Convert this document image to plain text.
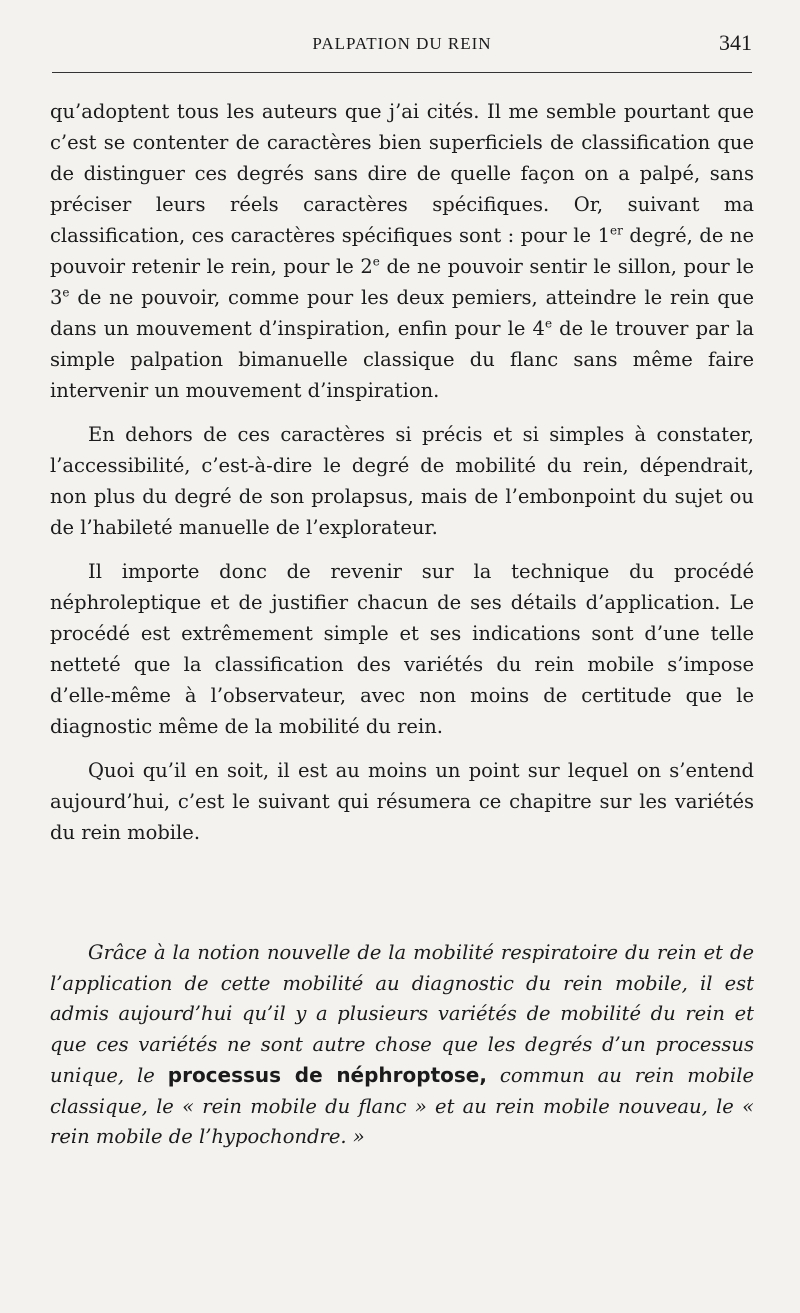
PALPATION DU REIN	341

qu’adoptent tous les auteurs que j’ai cités. Il me semble pourtant que c’est se contenter de caractères bien superficiels de classification que de distinguer ces degrés sans dire de quelle façon on a palpé, sans préciser leurs réels caractères spécifiques. Or, suivant ma classification, ces caractères spécifiques sont : pour le 1er degré, de ne pouvoir retenir le rein, pour le 2e de ne pouvoir sentir le sillon, pour le 3e de ne pouvoir, comme pour les deux pemiers, atteindre le rein que dans un mouvement d’inspiration, enfin pour le 4e de le trouver par la simple palpation bimanuelle classique du flanc sans même faire intervenir un mouvement d’inspiration.

En dehors de ces caractères si précis et si simples à constater, l’accessibilité, c’est-à-dire le degré de mobilité du rein, dépendrait, non plus du degré de son prolapsus, mais de l’embonpoint du sujet ou de l’habileté manuelle de l’explorateur.

Il importe donc de revenir sur la technique du procédé néphroleptique et de justifier chacun de ses détails d’application. Le procédé est extrêmement simple et ses indications sont d’une telle netteté que la classification des variétés du rein mobile s’impose d’elle-même à l’observateur, avec non moins de certitude que le diagnostic même de la mobilité du rein.

Quoi qu’il en soit, il est au moins un point sur lequel on s’entend aujourd’hui, c’est le suivant qui résumera ce chapitre sur les variétés du rein mobile.

Grâce à la notion nouvelle de la mobilité respiratoire du rein et de l’application de cette mobilité au diagnostic du rein mobile, il est admis aujourd’hui qu’il y a plusieurs variétés de mobilité du rein et que ces variétés ne sont autre chose que les degrés d’un processus unique, le processus de néphroptose, commun au rein mobile classique, le « rein mobile du flanc » et au rein mobile nouveau, le « rein mobile de l’hypochondre. »
